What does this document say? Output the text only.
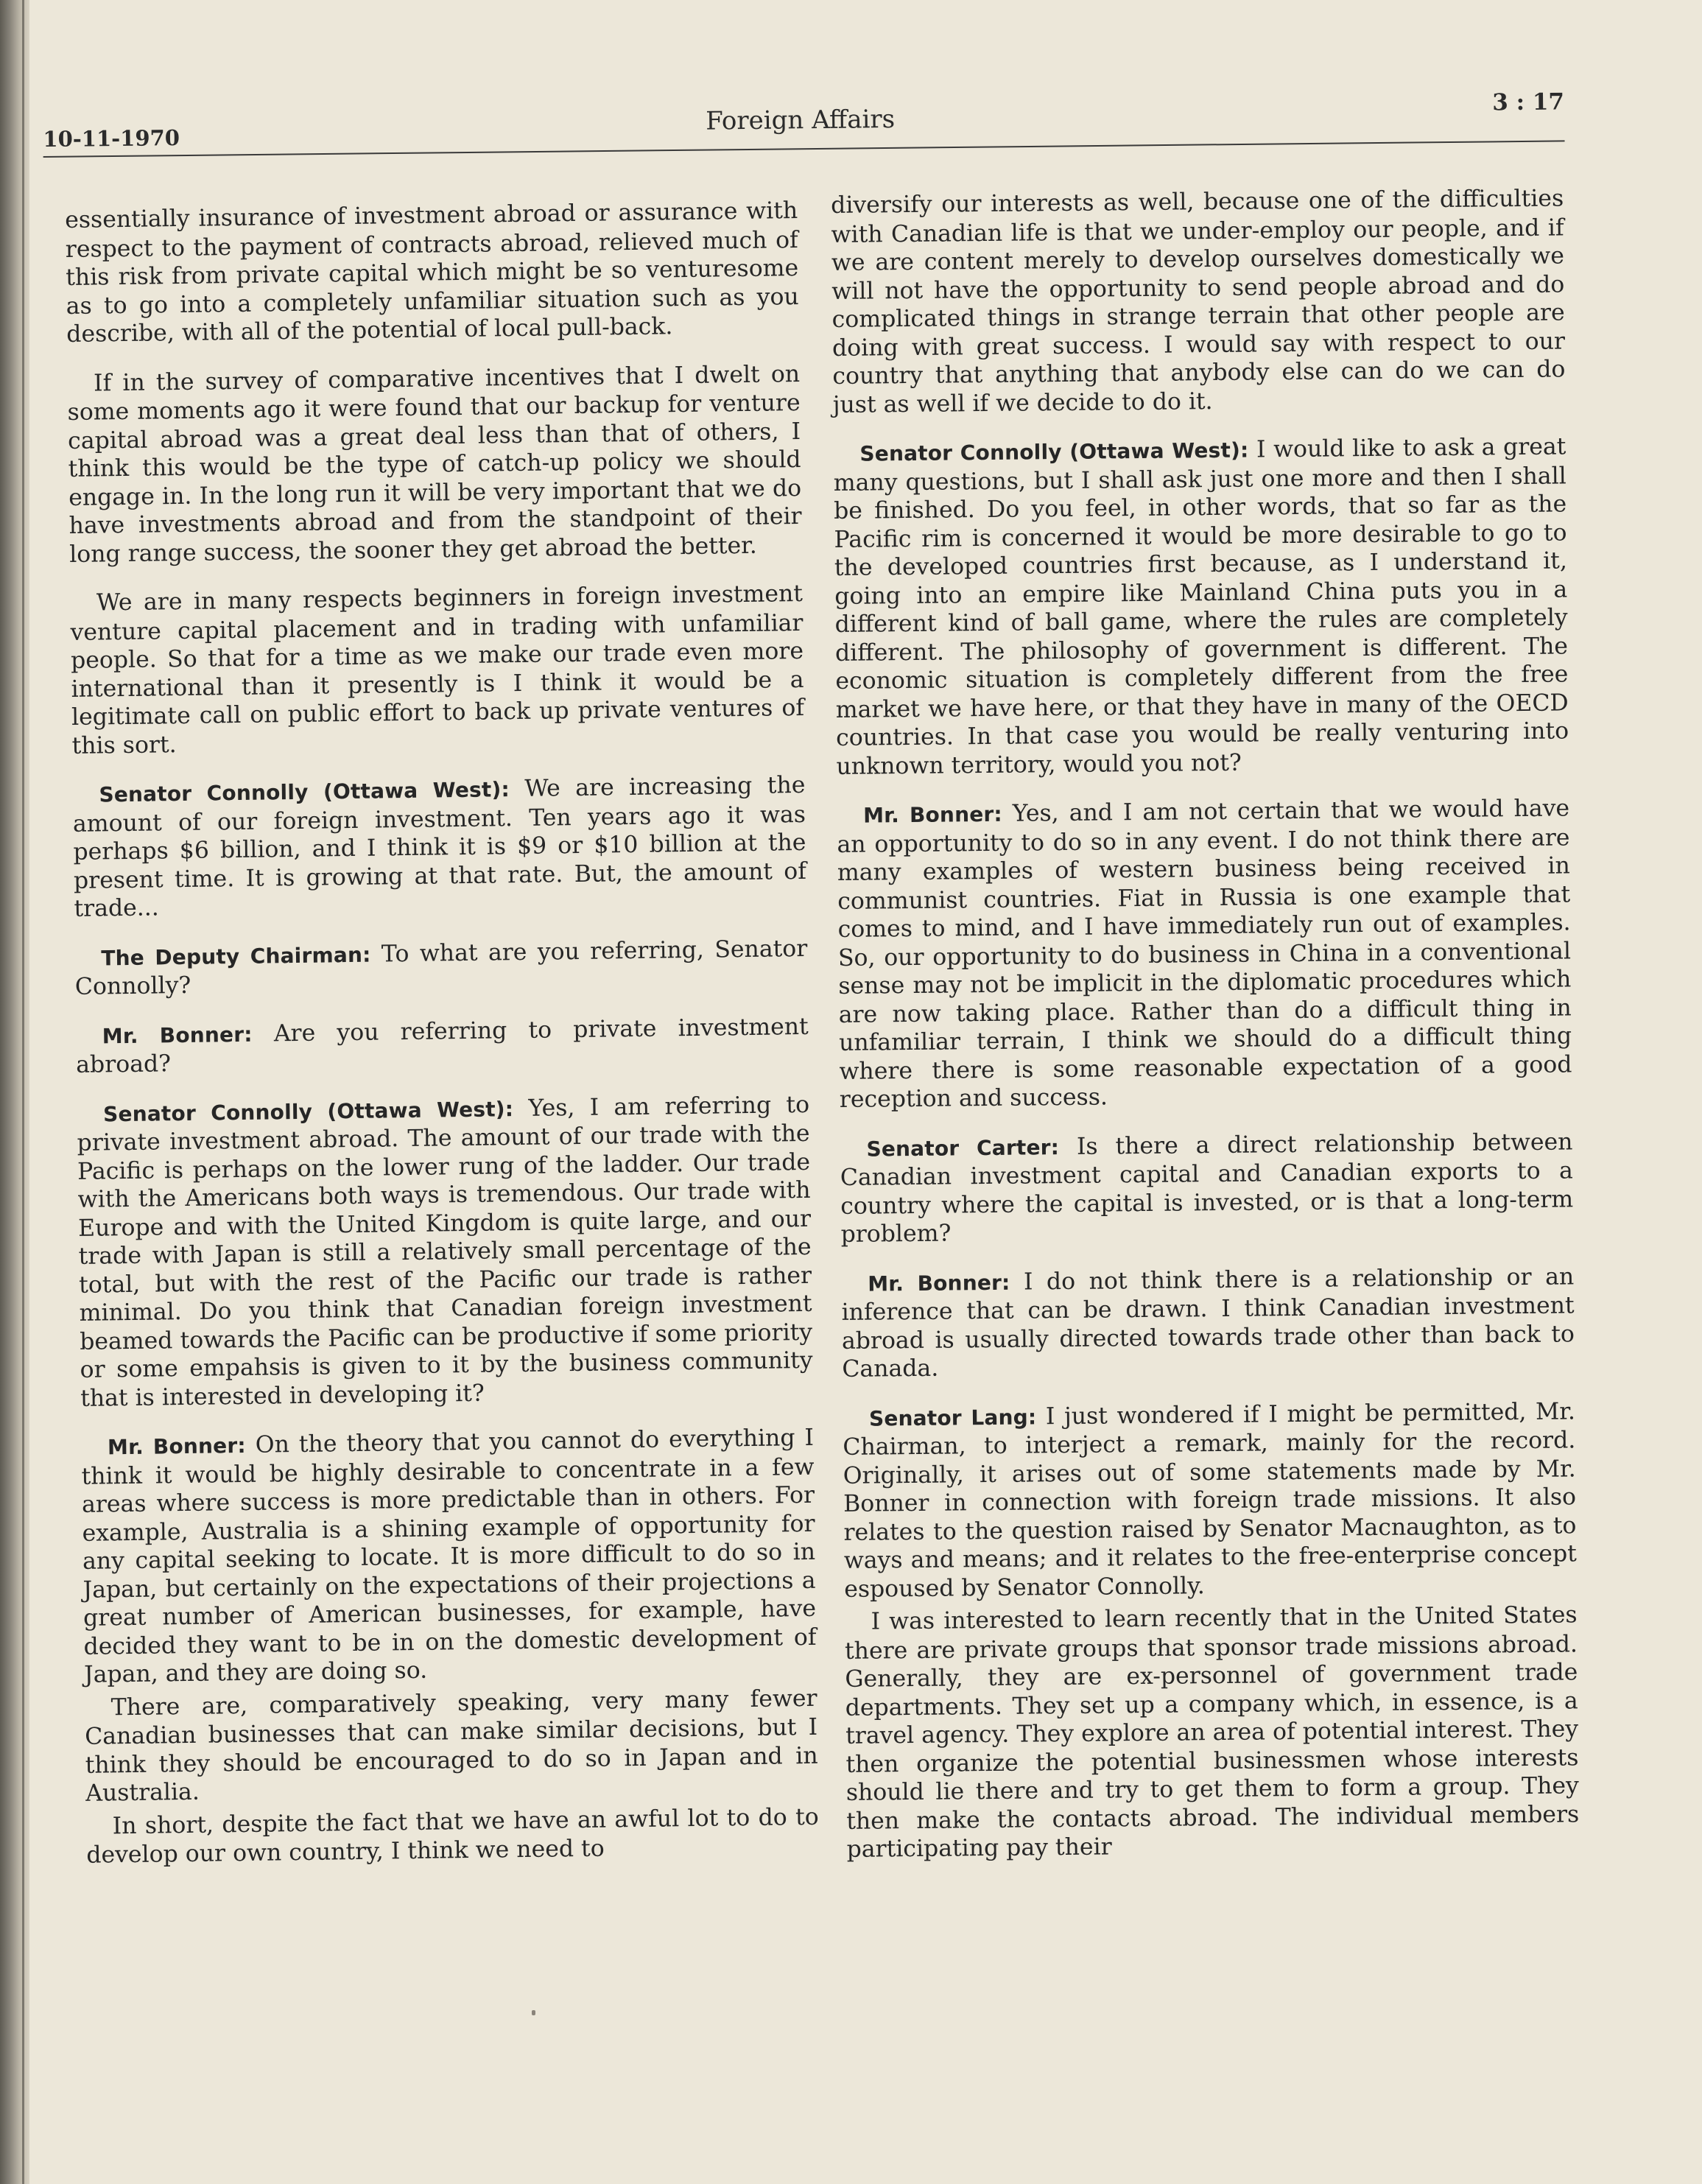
10-11-1970
Foreign Affairs
3 : 17

essentially insurance of investment abroad or assurance with respect to the payment of contracts abroad, relieved much of this risk from private capital which might be so venturesome as to go into a completely unfamiliar situation such as you describe, with all of the potential of local pull-back.

If in the survey of comparative incentives that I dwelt on some moments ago it were found that our backup for venture capital abroad was a great deal less than that of others, I think this would be the type of catch-up policy we should engage in. In the long run it will be very important that we do have investments abroad and from the standpoint of their long range success, the sooner they get abroad the better.

We are in many respects beginners in foreign investment venture capital placement and in trading with unfamiliar people. So that for a time as we make our trade even more international than it presently is I think it would be a legitimate call on public effort to back up private ventures of this sort.

Senator Connolly (Ottawa West): We are increasing the amount of our foreign investment. Ten years ago it was perhaps $6 billion, and I think it is $9 or $10 billion at the present time. It is growing at that rate. But, the amount of trade...

The Deputy Chairman: To what are you referring, Senator Connolly?

Mr. Bonner: Are you referring to private investment abroad?

Senator Connolly (Ottawa West): Yes, I am referring to private investment abroad. The amount of our trade with the Pacific is perhaps on the lower rung of the ladder. Our trade with the Americans both ways is tremendous. Our trade with Europe and with the United Kingdom is quite large, and our trade with Japan is still a relatively small percentage of the total, but with the rest of the Pacific our trade is rather minimal. Do you think that Canadian foreign investment beamed towards the Pacific can be productive if some priority or some empahsis is given to it by the business community that is interested in developing it?

Mr. Bonner: On the theory that you cannot do everything I think it would be highly desirable to concentrate in a few areas where success is more predictable than in others. For example, Australia is a shining example of opportunity for any capital seeking to locate. It is more difficult to do so in Japan, but certainly on the expectations of their projections a great number of American businesses, for example, have decided they want to be in on the domestic development of Japan, and they are doing so.

There are, comparatively speaking, very many fewer Canadian businesses that can make similar decisions, but I think they should be encouraged to do so in Japan and in Australia.

In short, despite the fact that we have an awful lot to do to develop our own country, I think we need to

diversify our interests as well, because one of the difficulties with Canadian life is that we under-employ our people, and if we are content merely to develop ourselves domestically we will not have the opportunity to send people abroad and do complicated things in strange terrain that other people are doing with great success. I would say with respect to our country that anything that anybody else can do we can do just as well if we decide to do it.

Senator Connolly (Ottawa West): I would like to ask a great many questions, but I shall ask just one more and then I shall be finished. Do you feel, in other words, that so far as the Pacific rim is concerned it would be more desirable to go to the developed countries first because, as I understand it, going into an empire like Mainland China puts you in a different kind of ball game, where the rules are completely different. The philosophy of government is different. The economic situation is completely different from the free market we have here, or that they have in many of the OECD countries. In that case you would be really venturing into unknown territory, would you not?

Mr. Bonner: Yes, and I am not certain that we would have an opportunity to do so in any event. I do not think there are many examples of western business being received in communist countries. Fiat in Russia is one example that comes to mind, and I have immediately run out of examples. So, our opportunity to do business in China in a conventional sense may not be implicit in the diplomatic procedures which are now taking place. Rather than do a difficult thing in unfamiliar terrain, I think we should do a difficult thing where there is some reasonable expectation of a good reception and success.

Senator Carter: Is there a direct relationship between Canadian investment capital and Canadian exports to a country where the capital is invested, or is that a long-term problem?

Mr. Bonner: I do not think there is a relationship or an inference that can be drawn. I think Canadian investment abroad is usually directed towards trade other than back to Canada.

Senator Lang: I just wondered if I might be permitted, Mr. Chairman, to interject a remark, mainly for the record. Originally, it arises out of some statements made by Mr. Bonner in connection with foreign trade missions. It also relates to the question raised by Senator Macnaughton, as to ways and means; and it relates to the free-enterprise concept espoused by Senator Connolly.

I was interested to learn recently that in the United States there are private groups that sponsor trade missions abroad. Generally, they are ex-personnel of government trade departments. They set up a company which, in essence, is a travel agency. They explore an area of potential interest. They then organize the potential businessmen whose interests should lie there and try to get them to form a group. They then make the contacts abroad. The individual members participating pay their
